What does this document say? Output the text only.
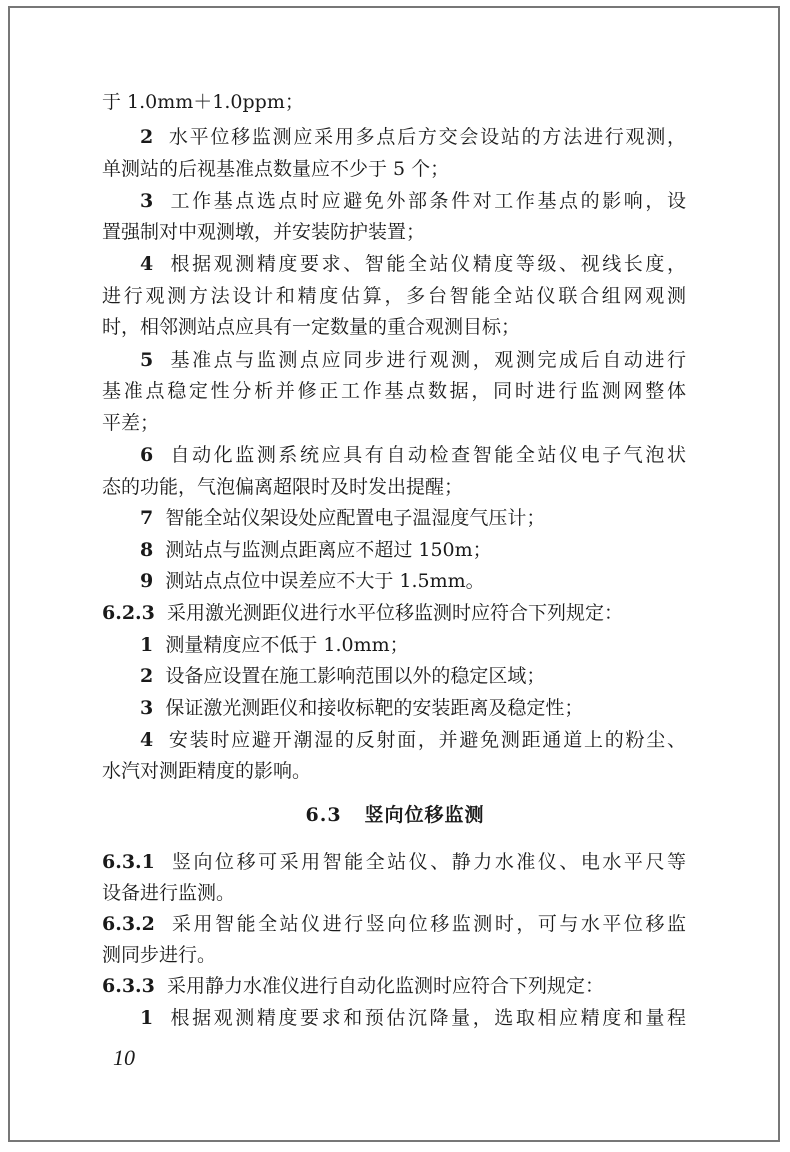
于 1.0mm＋1.0ppm；
2 水平位移监测应采用多点后方交会设站的方法进行观测，
单测站的后视基准点数量应不少于 5 个；
3 工作基点选点时应避免外部条件对工作基点的影响，设
置强制对中观测墩，并安装防护装置；
4 根据观测精度要求、智能全站仪精度等级、视线长度，
进行观测方法设计和精度估算，多台智能全站仪联合组网观测
时，相邻测站点应具有一定数量的重合观测目标；
5 基准点与监测点应同步进行观测，观测完成后自动进行
基准点稳定性分析并修正工作基点数据，同时进行监测网整体
平差；
6 自动化监测系统应具有自动检查智能全站仪电子气泡状
态的功能，气泡偏离超限时及时发出提醒；
7 智能全站仪架设处应配置电子温湿度气压计；
8 测站点与监测点距离应不超过 150m；
9 测站点点位中误差应不大于 1.5mm。
6.2.3 采用激光测距仪进行水平位移监测时应符合下列规定：
1 测量精度应不低于 1.0mm；
2 设备应设置在施工影响范围以外的稳定区域；
3 保证激光测距仪和接收标靶的安装距离及稳定性；
4 安装时应避开潮湿的反射面，并避免测距通道上的粉尘、
水汽对测距精度的影响。
6.3 竖向位移监测
6.3.1 竖向位移可采用智能全站仪、静力水准仪、电水平尺等
设备进行监测。
6.3.2 采用智能全站仪进行竖向位移监测时，可与水平位移监
测同步进行。
6.3.3 采用静力水准仪进行自动化监测时应符合下列规定：
1 根据观测精度要求和预估沉降量，选取相应精度和量程
10
